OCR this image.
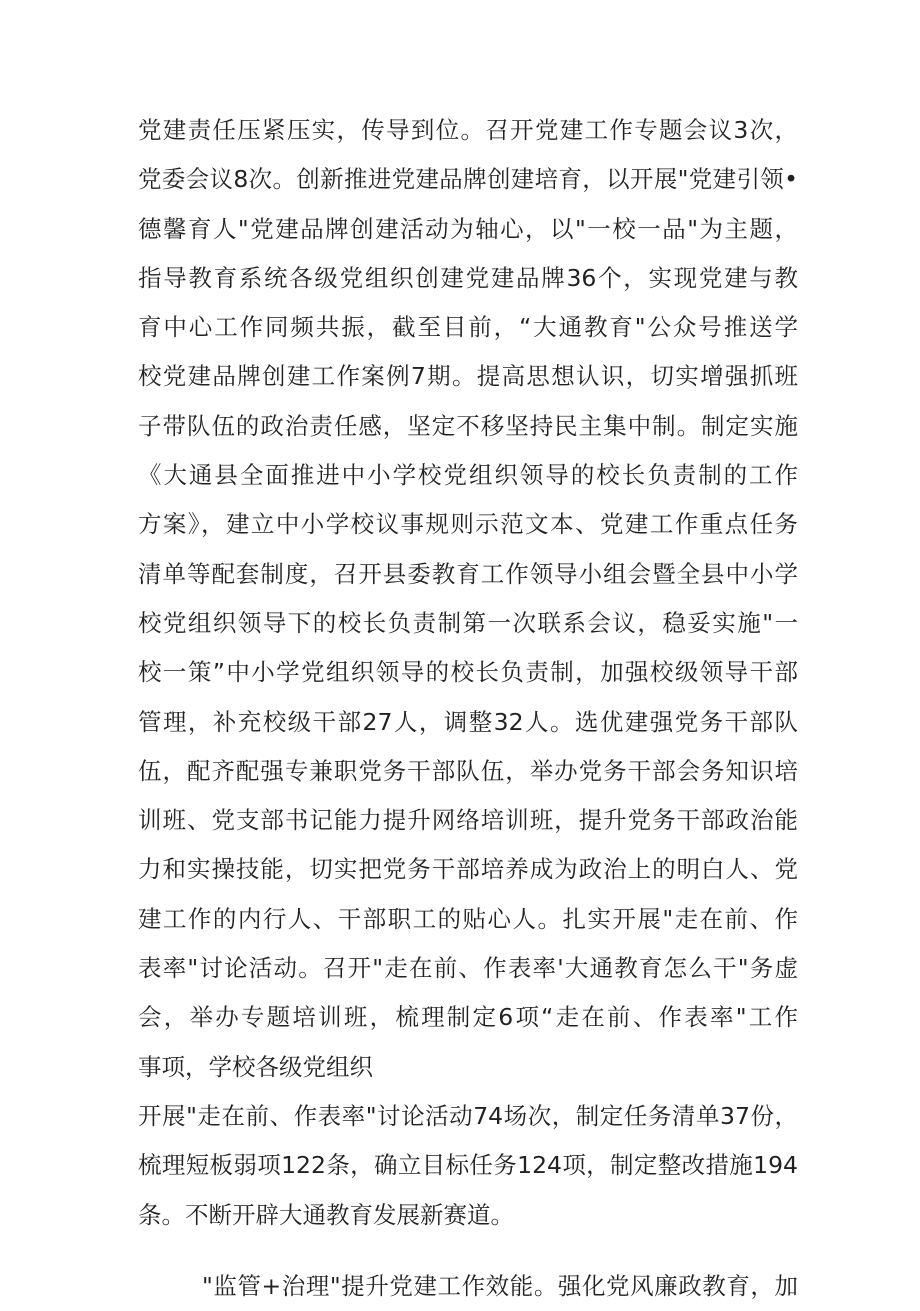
党建责任压紧压实，传导到位。召开党建工作专题会议3次，
党委会议8次。创新推进党建品牌创建培育，以开展"党建引领•
德馨育人"党建品牌创建活动为轴心，以"一校一品"为主题，
指导教育系统各级党组织创建党建品牌36个，实现党建与教
育中心工作同频共振，截至目前，“大通教育"公众号推送学
校党建品牌创建工作案例7期。提高思想认识，切实增强抓班
子带队伍的政治责任感，坚定不移坚持民主集中制。制定实施
《大通县全面推进中小学校党组织领导的校长负责制的工作
方案》，建立中小学校议事规则示范文本、党建工作重点任务
清单等配套制度，召开县委教育工作领导小组会暨全县中小学
校党组织领导下的校长负责制第一次联系会议，稳妥实施"一
校一策”中小学党组织领导的校长负责制，加强校级领导干部
管理，补充校级干部27人，调整32人。选优建强党务干部队
伍，配齐配强专兼职党务干部队伍，举办党务干部会务知识培
训班、党支部书记能力提升网络培训班，提升党务干部政治能
力和实操技能，切实把党务干部培养成为政治上的明白人、党
建工作的内行人、干部职工的贴心人。扎实开展"走在前、作
表率"讨论活动。召开"走在前、作表率'大通教育怎么干"务虚
会，举办专题培训班，梳理制定6项“走在前、作表率"工作
事项，学校各级党组织
开展"走在前、作表率"讨论活动74场次，制定任务清单37份，
梳理短板弱项122条，确立目标任务124项，制定整改措施194
条。不断开辟大通教育发展新赛道。
"监管+治理"提升党建工作效能。强化党风廉政教育，加
